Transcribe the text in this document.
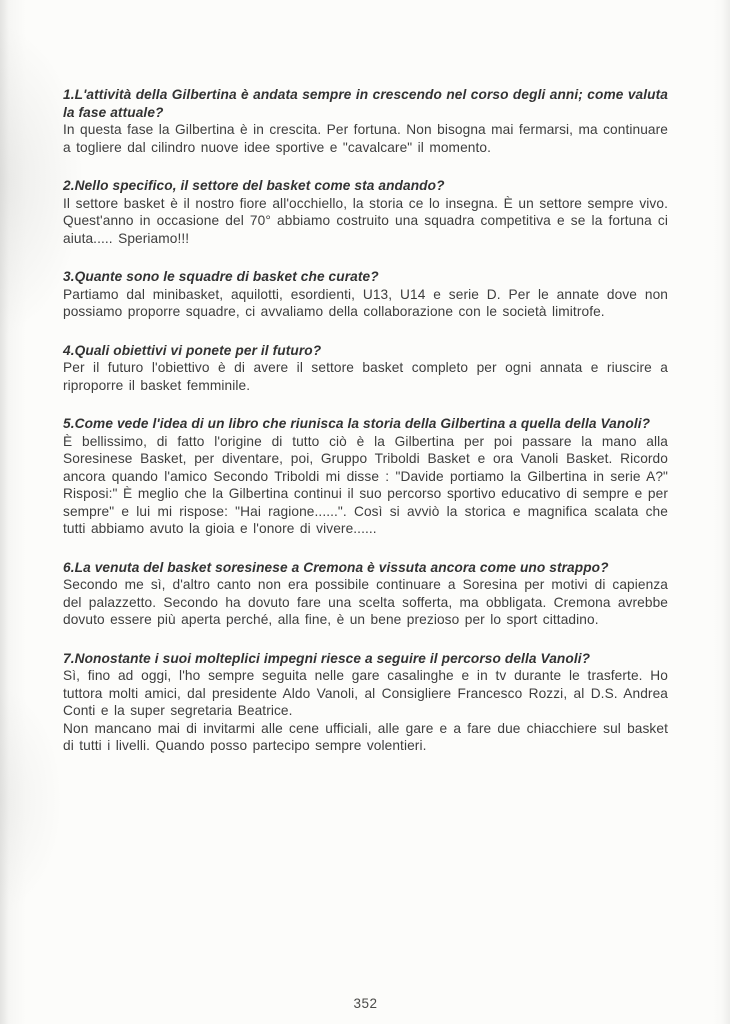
1.L'attività della Gilbertina è andata sempre in crescendo nel corso degli anni; come valuta la fase attuale?

In questa fase la Gilbertina è in crescita. Per fortuna. Non bisogna mai fermarsi, ma continuare a togliere dal cilindro nuove idee sportive e "cavalcare" il momento.

2.Nello specifico, il settore del basket come sta andando?

Il settore basket è il nostro fiore all'occhiello, la storia ce lo insegna. È un settore sempre vivo. Quest'anno in occasione del 70° abbiamo costruito una squadra competitiva e se la fortuna ci aiuta..... Speriamo!!!

3.Quante sono le squadre di basket che curate?

Partiamo dal minibasket, aquilotti, esordienti, U13, U14 e serie D. Per le annate dove non possiamo proporre squadre, ci avvaliamo della collaborazione con le società limitrofe.

4.Quali obiettivi vi ponete per il futuro?

Per il futuro l'obiettivo è di avere il settore basket completo per ogni annata e riuscire a riproporre il basket femminile.

5.Come vede l'idea di un libro che riunisca la storia della Gilbertina a quella della Vanoli?

È bellissimo, di fatto l'origine di tutto ciò è la Gilbertina per poi passare la mano alla Soresinese Basket, per diventare, poi, Gruppo Triboldi Basket e ora Vanoli Basket. Ricordo ancora quando l'amico Secondo Triboldi mi disse : "Davide portiamo la Gilbertina in serie A?" Risposi:" È meglio che la Gilbertina continui il suo percorso sportivo educativo di sempre e per sempre" e lui mi rispose: "Hai ragione......". Così si avviò la storica e magnifica scalata che tutti abbiamo avuto la gioia e l'onore di vivere......

6.La venuta del basket soresinese a Cremona è vissuta ancora come uno strappo?

Secondo me sì, d'altro canto non era possibile continuare a Soresina per motivi di capienza del palazzetto. Secondo ha dovuto fare una scelta sofferta, ma obbligata. Cremona avrebbe dovuto essere più aperta perché, alla fine, è un bene prezioso per lo sport cittadino.

7.Nonostante i suoi molteplici impegni riesce a seguire il percorso della Vanoli?

Sì, fino ad oggi, l'ho sempre seguita nelle gare casalinghe e in tv durante le trasferte. Ho tuttora molti amici, dal presidente Aldo Vanoli, al Consigliere Francesco Rozzi, al D.S. Andrea Conti e la super segretaria Beatrice.

Non mancano mai di invitarmi alle cene ufficiali, alle gare e a fare due chiacchiere sul basket di tutti i livelli. Quando posso partecipo sempre volentieri.

352
